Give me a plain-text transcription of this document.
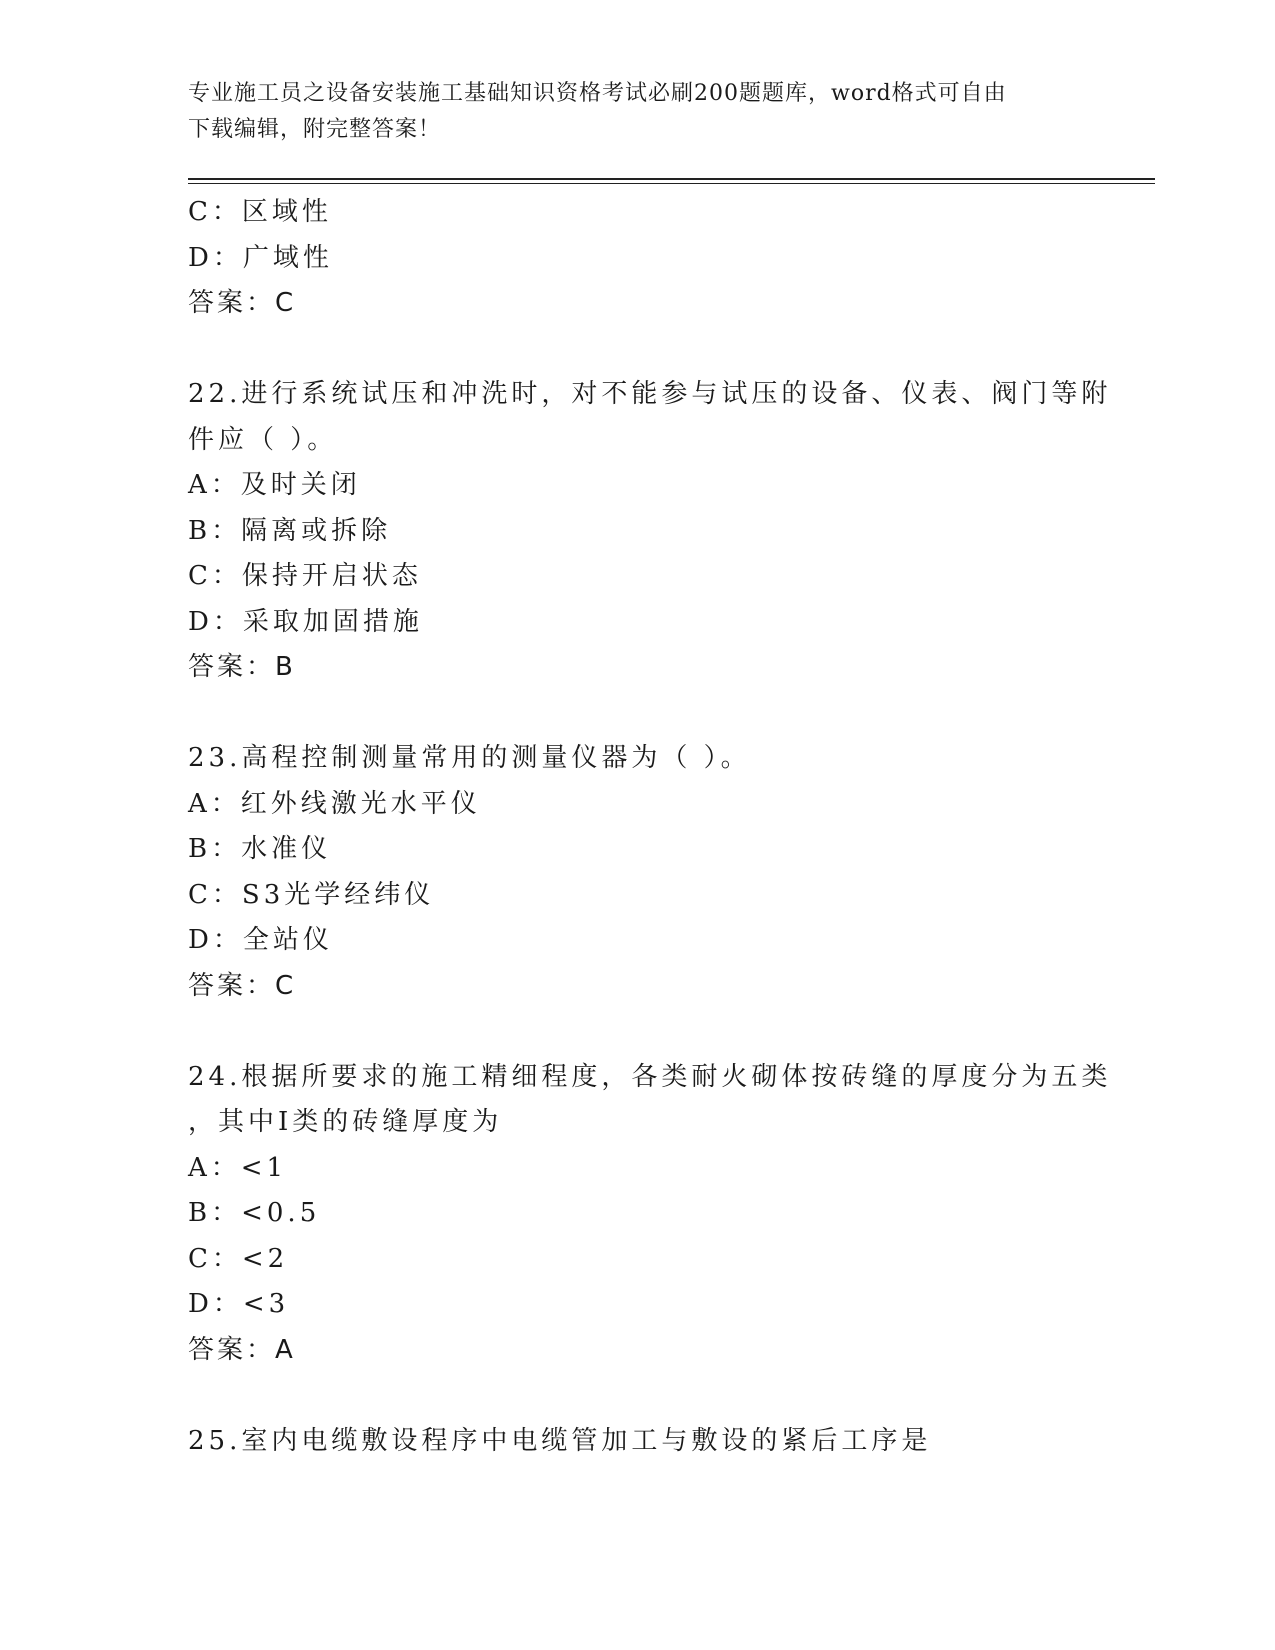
专业施工员之设备安装施工基础知识资格考试必刷200题题库，word格式可自由
下载编辑，附完整答案！
C：区域性
D：广域性
答案：C
22.进行系统试压和冲洗时，对不能参与试压的设备、仪表、阀门等附
件应（ ）。
A：及时关闭
B：隔离或拆除
C：保持开启状态
D：采取加固措施
答案：B
23.高程控制测量常用的测量仪器为（ ）。
A：红外线激光水平仪
B：水准仪
C：S3光学经纬仪
D：全站仪
答案：C
24.根据所要求的施工精细程度，各类耐火砌体按砖缝的厚度分为五类
，其中I类的砖缝厚度为
A：<1
B：<0.5
C：<2
D：<3
答案：A
25.室内电缆敷设程序中电缆管加工与敷设的紧后工序是
